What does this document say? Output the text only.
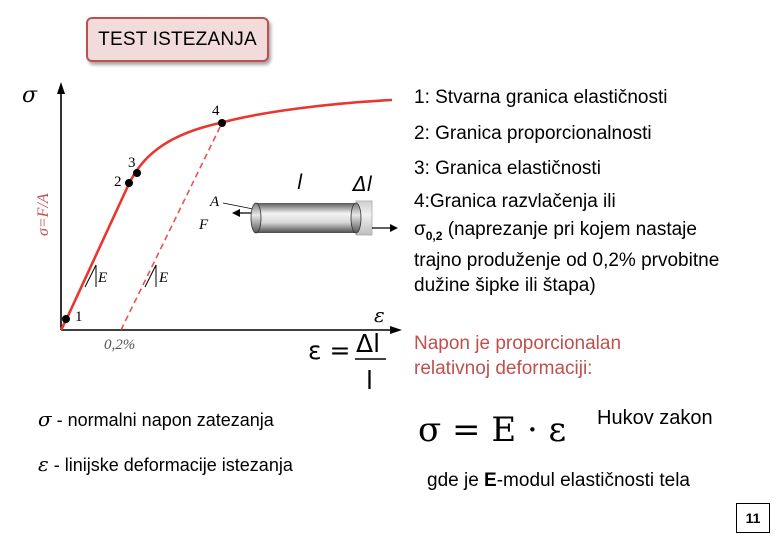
TEST ISTEZANJA
E	E
1
2
3
4
σ
σ=F/A
ε
0,2%
l	Δl
A
F
ε = Δl
l
1: Stvarna granica elastičnosti
2: Granica proporcionalnosti
3: Granica elastičnosti
4:Granica razvlačenja ili
$\sigma_{0,2}$ (naprezanje pri kojem nastaje
trajno produženje od 0,2% prvobitne
dužine šipke ili štapa)
Napon je proporcionalan
relativnoj deformaciji:
σ - normalni napon zatezanja
ε - linijske deformacije istezanja
σ = E · ε Hukov zakon
gde je E-modul elastičnosti tela
11
